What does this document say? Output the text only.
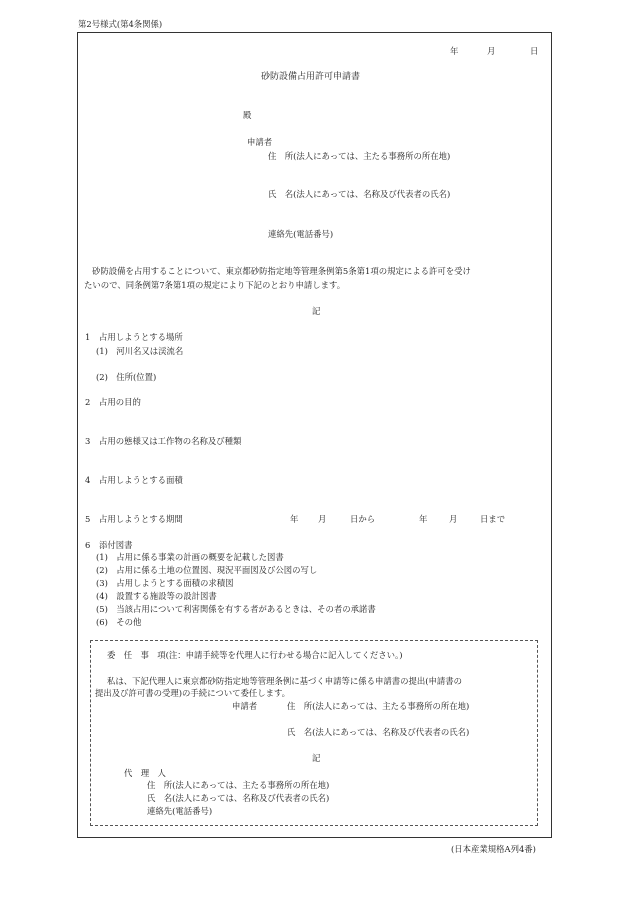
第2号様式(第4条関係)
年	月	日
砂防設備占用許可申請書
殿
申請者
住　所(法人にあっては、主たる事務所の所在地)
氏　名(法人にあっては、名称及び代表者の氏名)
連絡先(電話番号)
砂防設備を占用することについて、東京都砂防指定地等管理条例第5条第1項の規定による許可を受け
たいので、同条例第7条第1項の規定により下記のとおり申請します。
記
1 占用しようとする場所
(1)　河川名又は渓流名
(2)　住所(位置)
2 占用の目的
3 占用の態様又は工作物の名称及び種類
4 占用しようとする面積
5 占用しようとする期間	年 月	日から	年	月	日まで
6 添付図書
(1)　占用に係る事業の計画の概要を記載した図書
(2)　占用に係る土地の位置図、現況平面図及び公図の写し
(3)　占用しようとする面積の求積図
(4)　設置する施設等の設計図書
(5)　当該占用について利害関係を有する者があるときは、その者の承諾書
(6)　その他
委　任　事　項(注：申請手続等を代理人に行わせる場合に記入してください。)
私は、下記代理人に東京都砂防指定地等管理条例に基づく申請等に係る申請書の提出(申請書の
提出及び許可書の受理)の手続について委任します。
申請者	住　所(法人にあっては、主たる事務所の所在地)
氏　名(法人にあっては、名称及び代表者の氏名)
記
代　理　人
住　所(法人にあっては、主たる事務所の所在地)
氏　名(法人にあっては、名称及び代表者の氏名)
連絡先(電話番号)
(日本産業規格A列4番)
